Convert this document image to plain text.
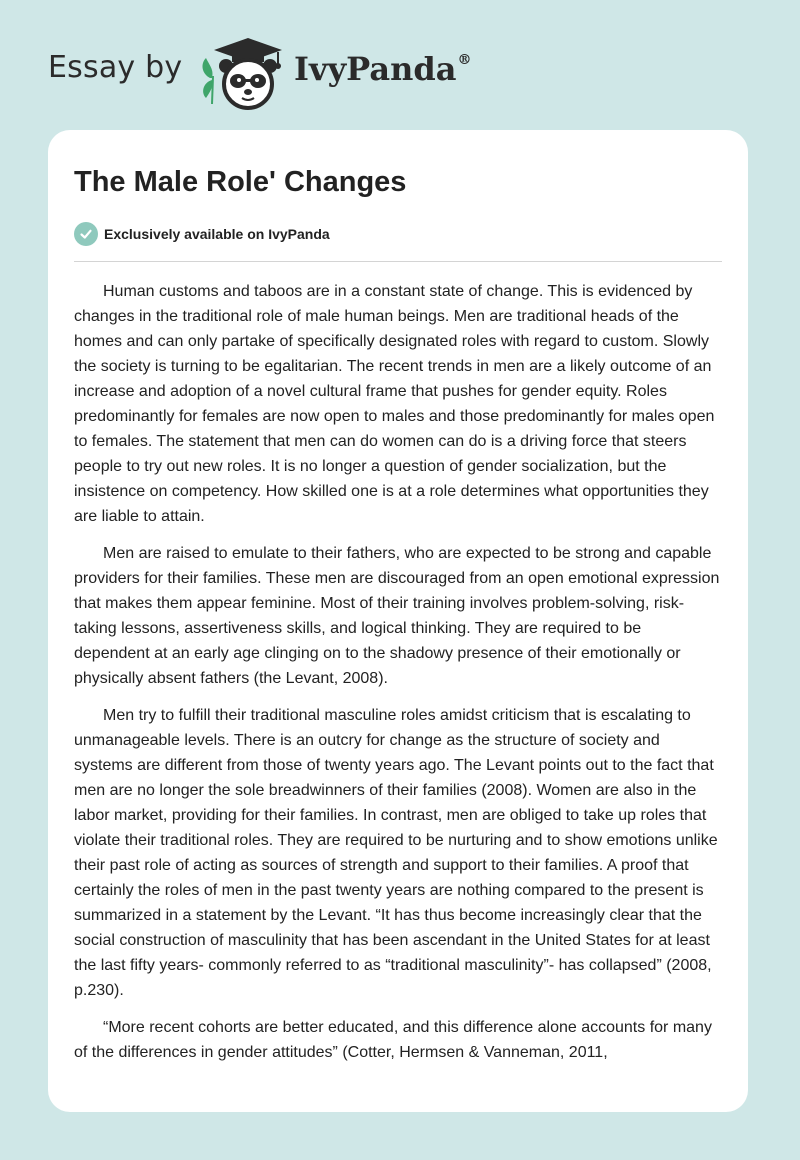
Essay by	IvyPanda®
The Male Role' Changes
Exclusively available on IvyPanda

Human customs and taboos are in a constant state of change. This is evidenced by changes in the traditional role of male human beings. Men are traditional heads of the homes and can only partake of specifically designated roles with regard to custom. Slowly the society is turning to be egalitarian. The recent trends in men are a likely outcome of an increase and adoption of a novel cultural frame that pushes for gender equity. Roles predominantly for females are now open to males and those predominantly for males open to females. The statement that men can do women can do is a driving force that steers people to try out new roles. It is no longer a question of gender socialization, but the insistence on competency. How skilled one is at a role determines what opportunities they are liable to attain.

Men are raised to emulate to their fathers, who are expected to be strong and capable providers for their families. These men are discouraged from an open emotional expression that makes them appear feminine. Most of their training involves problem-solving, risk-taking lessons, assertiveness skills, and logical thinking. They are required to be dependent at an early age clinging on to the shadowy presence of their emotionally or physically absent fathers (the Levant, 2008).

Men try to fulfill their traditional masculine roles amidst criticism that is escalating to unmanageable levels. There is an outcry for change as the structure of society and systems are different from those of twenty years ago. The Levant points out to the fact that men are no longer the sole breadwinners of their families (2008). Women are also in the labor market, providing for their families. In contrast, men are obliged to take up roles that violate their traditional roles. They are required to be nurturing and to show emotions unlike their past role of acting as sources of strength and support to their families. A proof that certainly the roles of men in the past twenty years are nothing compared to the present is summarized in a statement by the Levant. “It has thus become increasingly clear that the social construction of masculinity that has been ascendant in the United States for at least the last fifty years- commonly referred to as “traditional masculinity”- has collapsed” (2008, p.230).

“More recent cohorts are better educated, and this difference alone accounts for many of the differences in gender attitudes” (Cotter, Hermsen & Vanneman, 2011,
